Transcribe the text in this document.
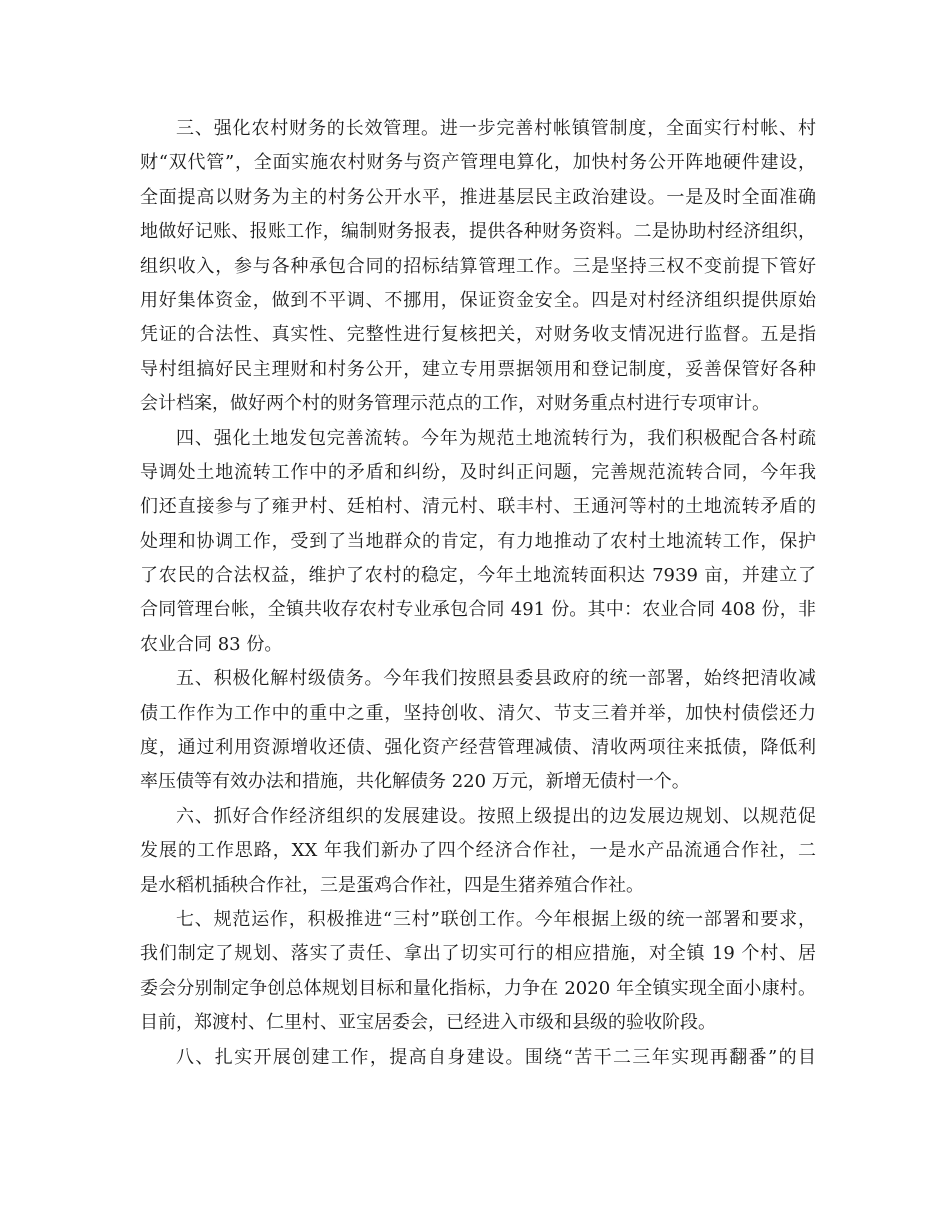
三、强化农村财务的长效管理。进一步完善村帐镇管制度，全面实行村帐、村
财“双代管”，全面实施农村财务与资产管理电算化，加快村务公开阵地硬件建设，
全面提高以财务为主的村务公开水平，推进基层民主政治建设。一是及时全面准确
地做好记账、报账工作，编制财务报表，提供各种财务资料。二是协助村经济组织，
组织收入，参与各种承包合同的招标结算管理工作。三是坚持三权不变前提下管好
用好集体资金，做到不平调、不挪用，保证资金安全。四是对村经济组织提供原始
凭证的合法性、真实性、完整性进行复核把关，对财务收支情况进行监督。五是指
导村组搞好民主理财和村务公开，建立专用票据领用和登记制度，妥善保管好各种
会计档案，做好两个村的财务管理示范点的工作，对财务重点村进行专项审计。
四、强化土地发包完善流转。今年为规范土地流转行为，我们积极配合各村疏
导调处土地流转工作中的矛盾和纠纷，及时纠正问题，完善规范流转合同，今年我
们还直接参与了雍尹村、廷柏村、清元村、联丰村、王通河等村的土地流转矛盾的
处理和协调工作，受到了当地群众的肯定，有力地推动了农村土地流转工作，保护
了农民的合法权益，维护了农村的稳定，今年土地流转面积达 7939 亩，并建立了
合同管理台帐，全镇共收存农村专业承包合同 491 份。其中：农业合同 408 份，非
农业合同 83 份。
五、积极化解村级债务。今年我们按照县委县政府的统一部署，始终把清收减
债工作作为工作中的重中之重，坚持创收、清欠、节支三着并举，加快村债偿还力
度，通过利用资源增收还债、强化资产经营管理减债、清收两项往来抵债，降低利
率压债等有效办法和措施，共化解债务 220 万元，新增无债村一个。
六、抓好合作经济组织的发展建设。按照上级提出的边发展边规划、以规范促
发展的工作思路，XX 年我们新办了四个经济合作社，一是水产品流通合作社，二
是水稻机插秧合作社，三是蛋鸡合作社，四是生猪养殖合作社。
七、规范运作，积极推进“三村”联创工作。今年根据上级的统一部署和要求，
我们制定了规划、落实了责任、拿出了切实可行的相应措施，对全镇 19 个村、居
委会分别制定争创总体规划目标和量化指标，力争在 2020 年全镇实现全面小康村。
目前，郑渡村、仁里村、亚宝居委会，已经进入市级和县级的验收阶段。
八、扎实开展创建工作，提高自身建设。围绕“苦干二三年实现再翻番”的目
